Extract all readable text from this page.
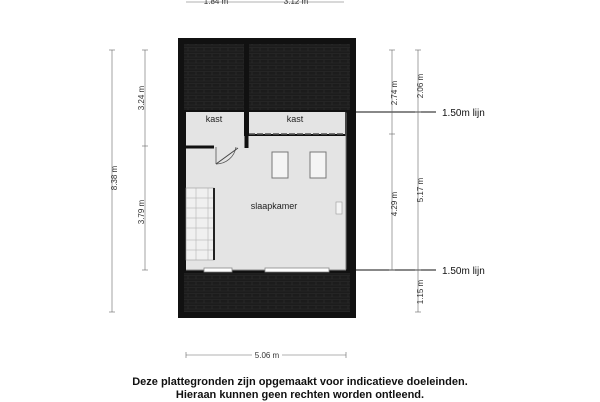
kast	kast
slaapkamer
1.50m lijn
1.50m lijn
1.84 m	3.12 m
8.38 m
3.24 m
3.79 m
2.74 m
4.29 m
2.06 m
5.17 m
1.15 m
5.06 m
Deze plattegronden zijn opgemaakt voor indicatieve doeleinden.
Hieraan kunnen geen rechten worden ontleend.
